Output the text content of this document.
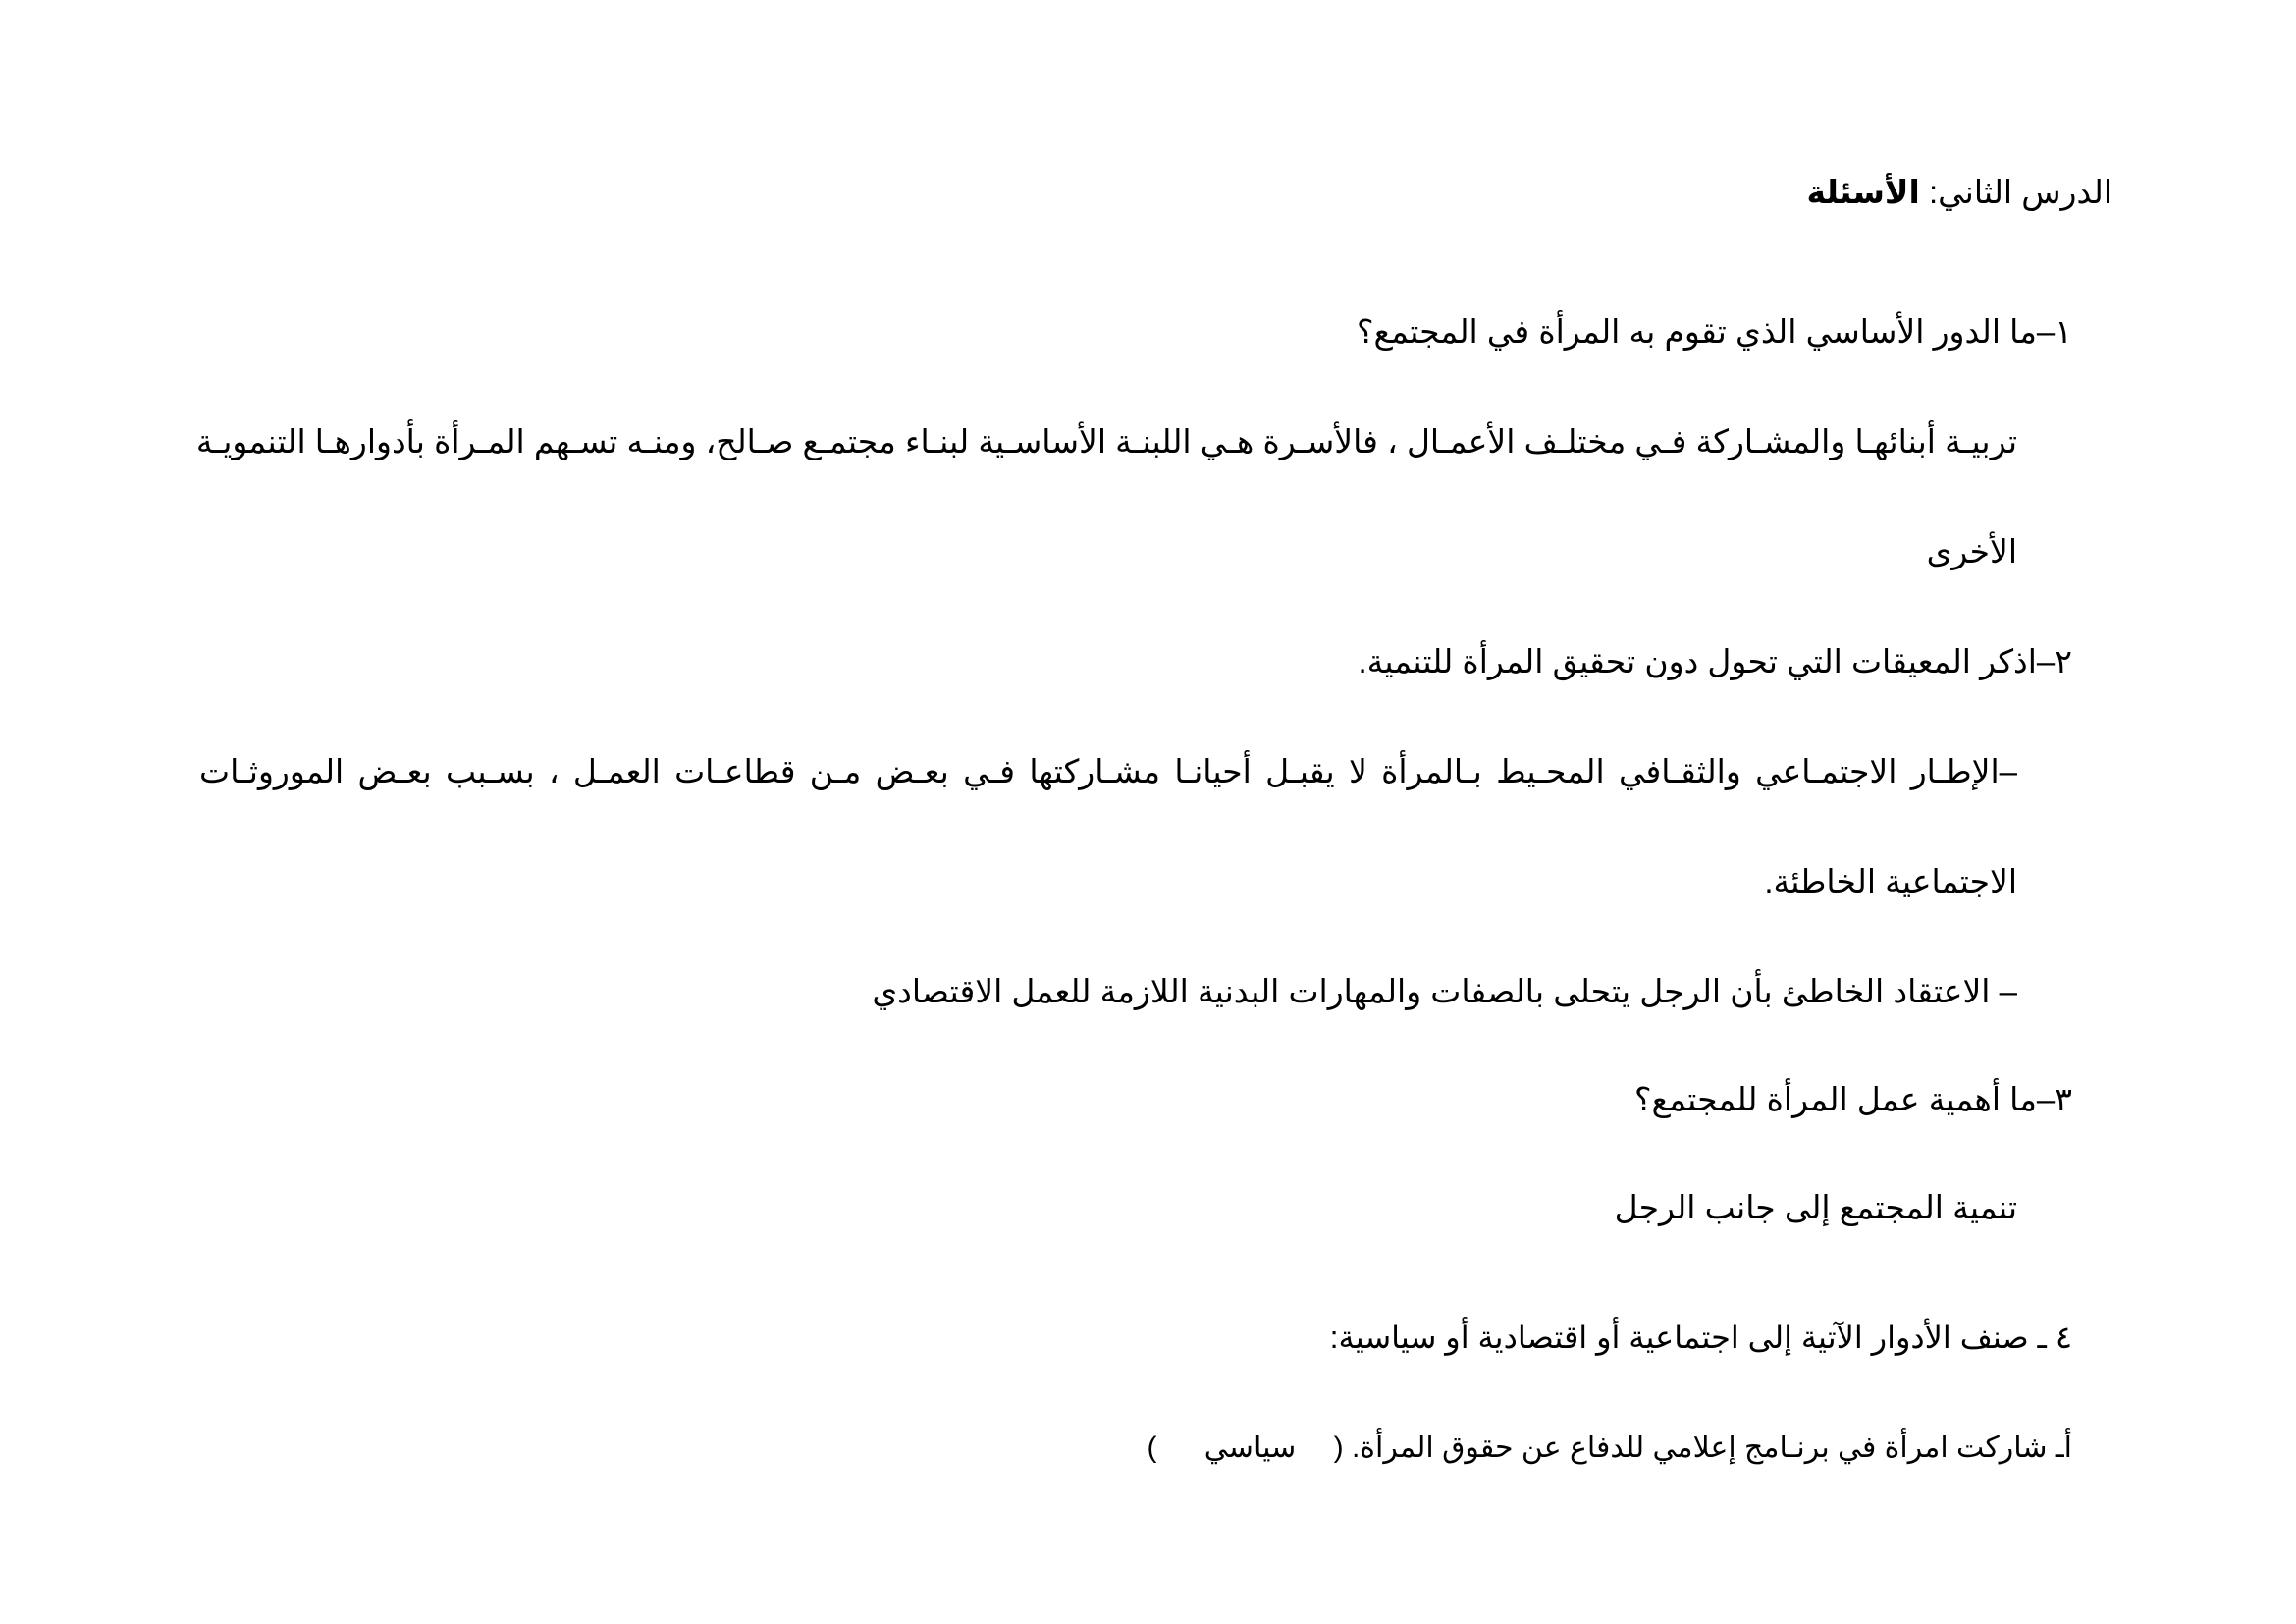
الدرس الثاني: الأسئلة
١–ما الدور الأساسي الذي تقوم به المرأة في المجتمع؟
تربيـة أبنائهـا والمشـاركة فـي مختلـف الأعمـال ، فالأسـرة هـي اللبنـة الأساسـية لبنـاء مجتمـع صـالح، ومنـه تسـهم المـرأة بأدوارهـا التنمويـة
الأخرى
٢–اذكر المعيقات التي تحول دون تحقيق المرأة للتنمية.
–الإطـار الاجتمـاعي والثقـافي المحـيط بـالمرأة لا يقبـل أحيانـا مشـاركتها فـي بعـض مـن قطاعـات العمـل ، بسـبب بعـض الموروثـات
الاجتماعية الخاطئة.
– الاعتقاد الخاطئ بأن الرجل يتحلى بالصفات والمهارات البدنية اللازمة للعمل الاقتصادي
٣–ما أهمية عمل المرأة للمجتمع؟
تنمية المجتمع إلى جانب الرجل
٤ ـ صنف الأدوار الآتية إلى اجتماعية أو اقتصادية أو سياسية:
أـ شاركت امرأة في برنـامج إعلامي للدفاع عن حقوق المرأة. ( سياسي )
